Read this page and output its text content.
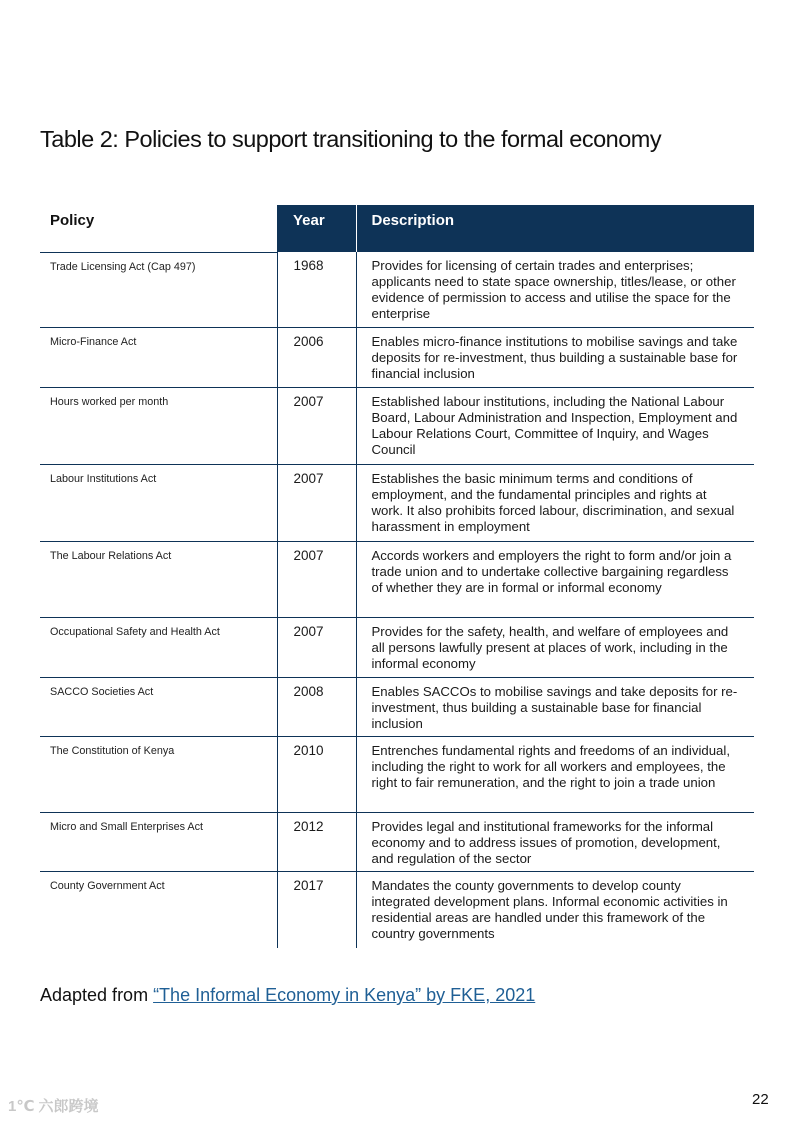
Table 2: Policies to support transitioning to the formal economy
Policy	Year	Description
Trade Licensing Act (Cap 497)	1968	Provides for licensing of certain trades and enterprises; applicants need to state space ownership, titles/lease, or other evidence of permission to access and utilise the space for the enterprise
Micro-Finance Act	2006	Enables micro-finance institutions to mobilise savings and take deposits for re-investment, thus building a sustainable base for financial inclusion
Hours worked per month	2007	Established labour institutions, including the National Labour Board, Labour Administration and Inspection, Employment and Labour Relations Court, Committee of Inquiry, and Wages Council
Labour Institutions Act	2007	Establishes the basic minimum terms and conditions of employment, and the fundamental principles and rights at work. It also prohibits forced labour, discrimination, and sexual harassment in employment
The Labour Relations Act	2007	Accords workers and employers the right to form and/or join a trade union and to undertake collective bargaining regardless of whether they are in formal or informal economy
Occupational Safety and Health Act	2007	Provides for the safety, health, and welfare of employees and all persons lawfully present at places of work, including in the informal economy
SACCO Societies Act	2008	Enables SACCOs to mobilise savings and take deposits for re-investment, thus building a sustainable base for financial inclusion
The Constitution of Kenya	2010	Entrenches fundamental rights and freedoms of an individual, including the right to work for all workers and employees, the right to fair remuneration, and the right to join a trade union
Micro and Small Enterprises Act	2012	Provides legal and institutional frameworks for the informal economy and to address issues of promotion, development, and regulation of the sector
County Government Act	2017	Mandates the county governments to develop county integrated development plans. Informal economic activities in residential areas are handled under this framework of the country governments
Adapted from “The Informal Economy in Kenya” by FKE, 2021
1℃ 六郎跨境	22
